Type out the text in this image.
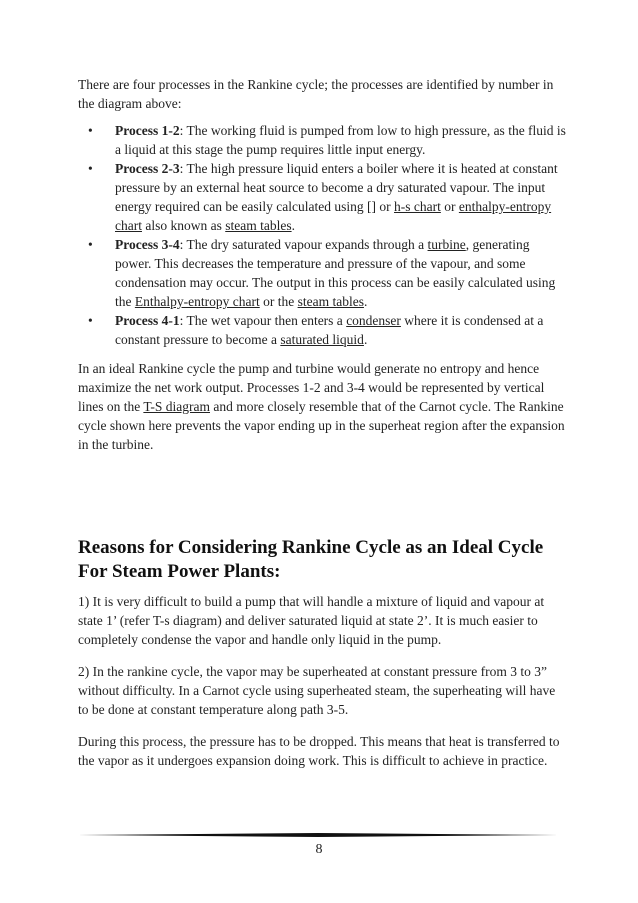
There are four processes in the Rankine cycle; the processes are identified by number in the diagram above:

• Process 1-2: The working fluid is pumped from low to high pressure, as the fluid is a liquid at this stage the pump requires little input energy.
• Process 2-3: The high pressure liquid enters a boiler where it is heated at constant pressure by an external heat source to become a dry saturated vapour. The input energy required can be easily calculated using [] or h-s chart or enthalpy-entropy chart also known as steam tables.
• Process 3-4: The dry saturated vapour expands through a turbine, generating power. This decreases the temperature and pressure of the vapour, and some condensation may occur. The output in this process can be easily calculated using the Enthalpy-entropy chart or the steam tables.
• Process 4-1: The wet vapour then enters a condenser where it is condensed at a constant pressure to become a saturated liquid.

In an ideal Rankine cycle the pump and turbine would generate no entropy and hence maximize the net work output. Processes 1-2 and 3-4 would be represented by vertical lines on the T-S diagram and more closely resemble that of the Carnot cycle. The Rankine cycle shown here prevents the vapor ending up in the superheat region after the expansion in the turbine.

Reasons for Considering Rankine Cycle as an Ideal Cycle For Steam Power Plants:

1) It is very difficult to build a pump that will handle a mixture of liquid and vapour at state 1’ (refer T-s diagram) and deliver saturated liquid at state 2’. It is much easier to completely condense the vapor and handle only liquid in the pump.

2) In the rankine cycle, the vapor may be superheated at constant pressure from 3 to 3” without difficulty. In a Carnot cycle using superheated steam, the superheating will have to be done at constant temperature along path 3-5.

During this process, the pressure has to be dropped. This means that heat is transferred to the vapor as it undergoes expansion doing work. This is difficult to achieve in practice.

8
